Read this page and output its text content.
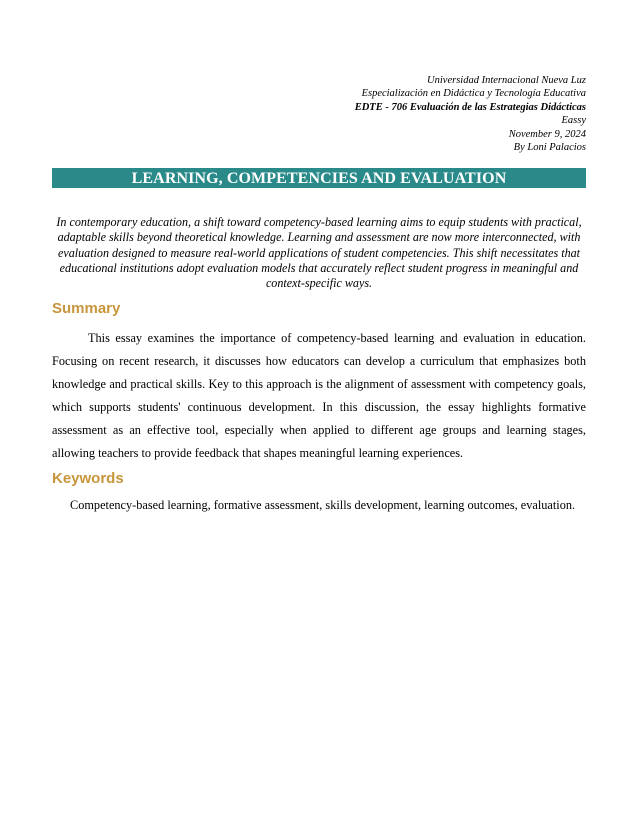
Universidad Internacional Nueva Luz
Especialización en Didáctica y Tecnología Educativa
EDTE - 706 Evaluación de las Estrategias Didácticas
Eassy
November 9, 2024
By Loni Palacios
LEARNING, COMPETENCIES AND EVALUATION
In contemporary education, a shift toward competency-based learning aims to equip students with practical, adaptable skills beyond theoretical knowledge. Learning and assessment are now more interconnected, with evaluation designed to measure real-world applications of student competencies. This shift necessitates that educational institutions adopt evaluation models that accurately reflect student progress in meaningful and context-specific ways.
Summary

This essay examines the importance of competency-based learning and evaluation in education. Focusing on recent research, it discusses how educators can develop a curriculum that emphasizes both knowledge and practical skills. Key to this approach is the alignment of assessment with competency goals, which supports students' continuous development. In this discussion, the essay highlights formative assessment as an effective tool, especially when applied to different age groups and learning stages, allowing teachers to provide feedback that shapes meaningful learning experiences.

Keywords

Competency-based learning, formative assessment, skills development, learning outcomes, evaluation.
